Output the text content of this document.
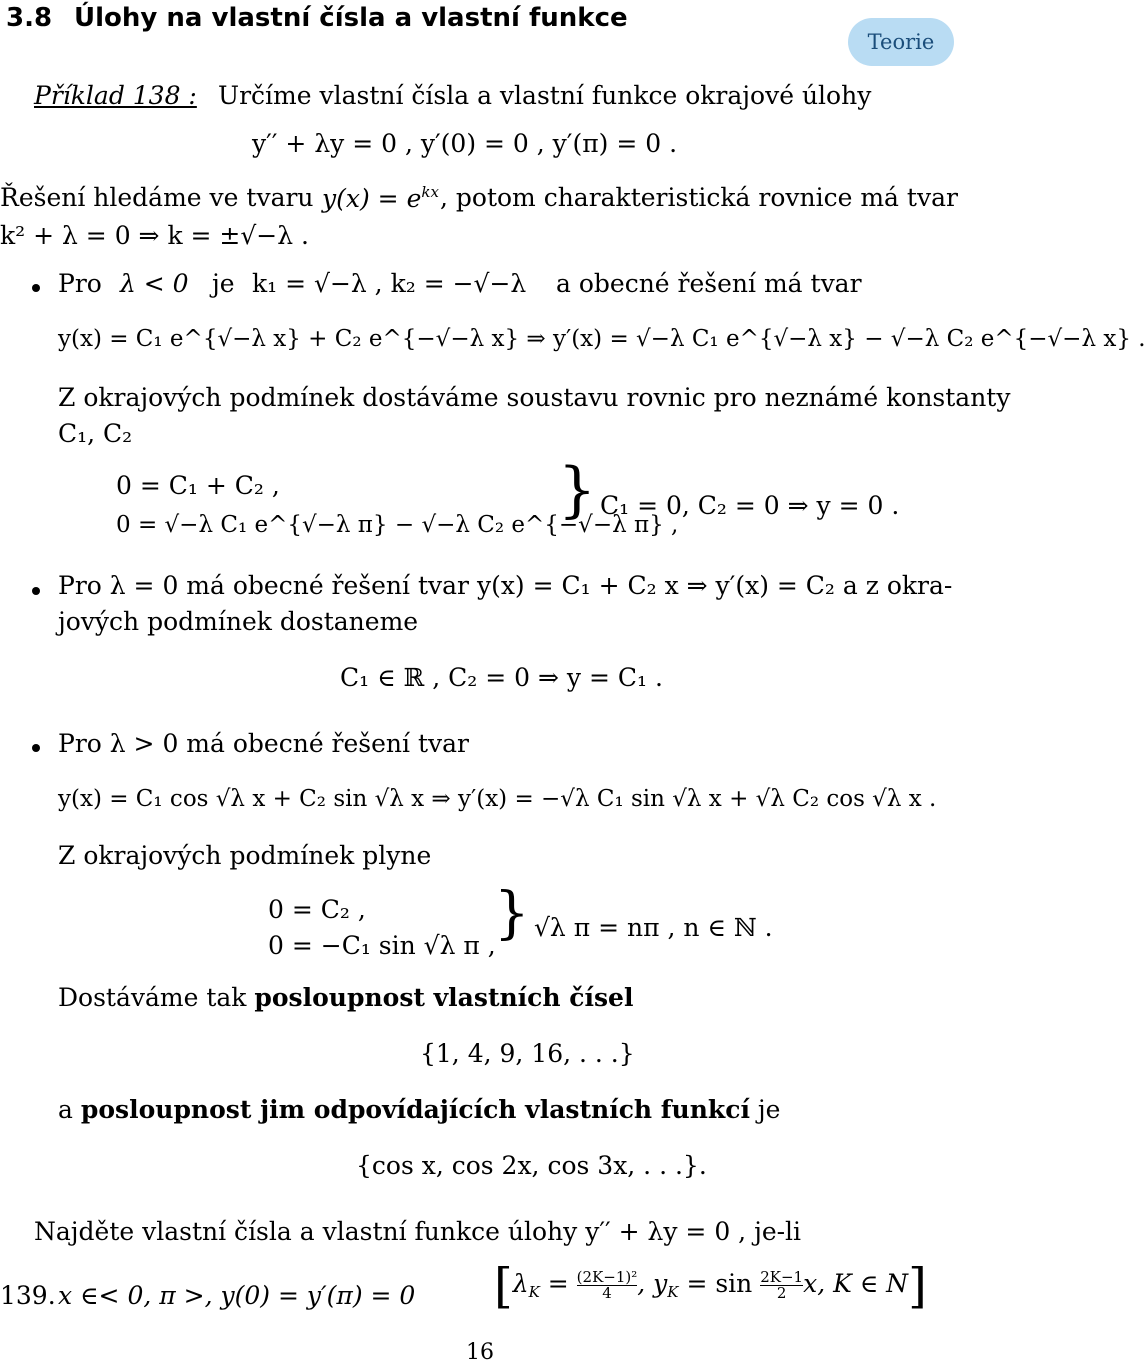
3.8 Úlohy na vlastní čísla a vlastní funkce
Teorie
Příklad 138 : Určíme vlastní čísla a vlastní funkce okrajové úlohy
y′′ + λy = 0 , y′(0) = 0 , y′(π) = 0 .
Řešení hledáme ve tvaru $y(x) = e^{kx}$ , potom charakteristická rovnice má tvar
k² + λ = 0 ⇒ k = ±√−λ .
Pro λ < 0 je k₁ = √−λ , k₂ = −√−λ a obecné řešení má tvar
y(x) = C₁ e^{√−λ x} + C₂ e^{−√−λ x} ⇒ y′(x) = √−λ C₁ e^{√−λ x} − √−λ C₂ e^{−√−λ x} .
Z okrajových podmínek dostáváme soustavu rovnic pro neznámé konstanty
C₁, C₂
0 = C₁ + C₂ ,
0 = √−λ C₁ e^{√−λ π} − √−λ C₂ e^{−√−λ π} ,
} C₁ = 0, C₂ = 0 ⇒ y = 0 .
Pro λ = 0 má obecné řešení tvar y(x) = C₁ + C₂ x ⇒ y′(x) = C₂ a z okra-
jových podmínek dostaneme
C₁ ∈ ℝ , C₂ = 0 ⇒ y = C₁ .
Pro λ > 0 má obecné řešení tvar
y(x) = C₁ cos √λ x + C₂ sin √λ x ⇒ y′(x) = −√λ C₁ sin √λ x + √λ C₂ cos √λ x .
Z okrajových podmínek plyne
0 = C₂ ,
0 = −C₁ sin √λ π ,
} √λ π = nπ , n ∈ ℕ .
Dostáváme tak posloupnost vlastních čísel
{1, 4, 9, 16, . . .}
a posloupnost jim odpovídajících vlastních funkcí je
{cos x, cos 2x, cos 3x, . . .}.
Najděte vlastní čísla a vlastní funkce úlohy y′′ + λy = 0 , je-li
139. x ∈< 0, π >, y(0) = y′(π) = 0 [$\lambda_K = \frac{\text{(2K−1)²}}{4}$ , $y_K = \sin \frac{2K-1}{2} x$, K ∈ N]
16
